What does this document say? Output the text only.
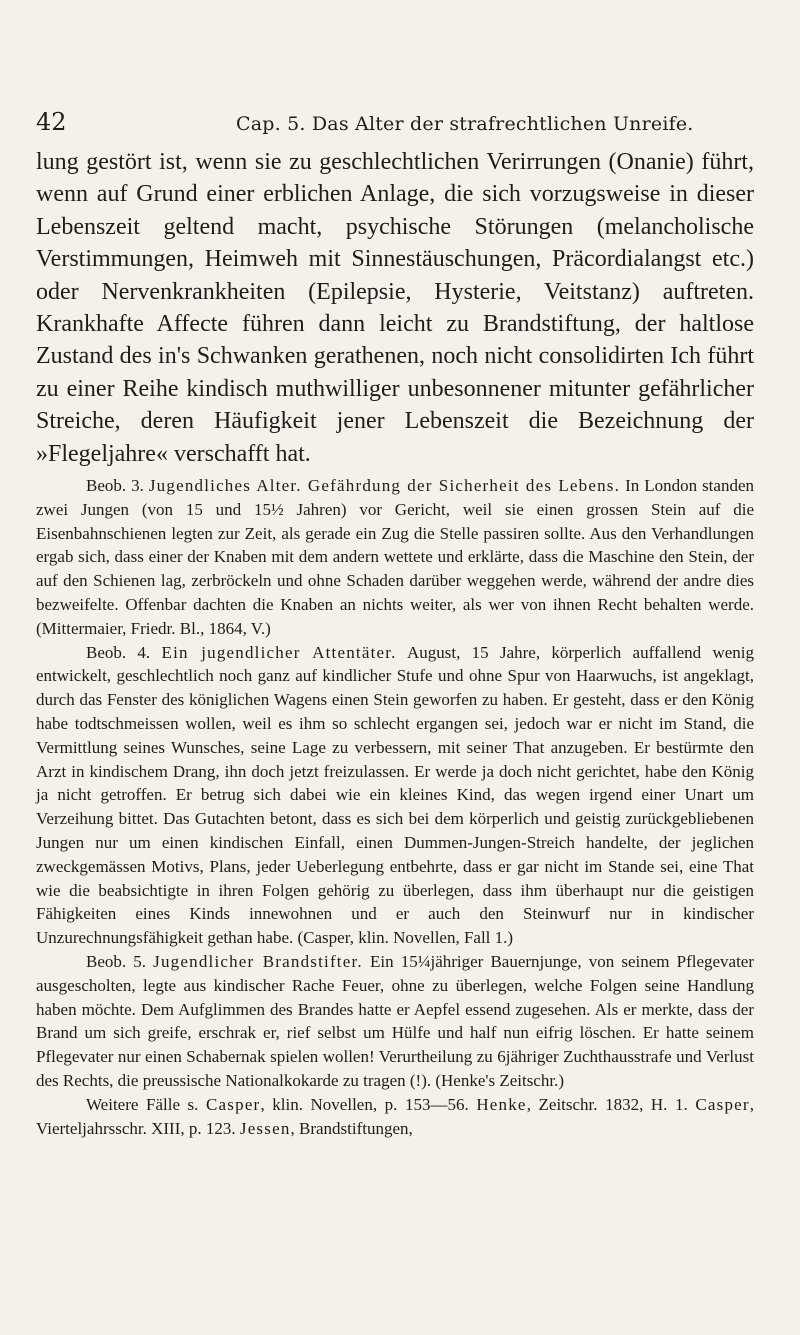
42	Cap. 5. Das Alter der strafrechtlichen Unreife.

lung gestört ist, wenn sie zu geschlechtlichen Verirrungen (Onanie) führt, wenn auf Grund einer erblichen Anlage, die sich vorzugsweise in dieser Lebenszeit geltend macht, psychische Störungen (melancholische Verstimmungen, Heimweh mit Sinnestäuschungen, Präcordialangst etc.) oder Nervenkrankheiten (Epilepsie, Hysterie, Veitstanz) auftreten. Krankhafte Affecte führen dann leicht zu Brandstiftung, der haltlose Zustand des in's Schwanken gerathenen, noch nicht consolidirten Ich führt zu einer Reihe kindisch muthwilliger unbesonnener mitunter gefährlicher Streiche, deren Häufigkeit jener Lebenszeit die Bezeichnung der »Flegeljahre« verschafft hat.

Beob. 3. Jugendliches Alter. Gefährdung der Sicherheit des Lebens. In London standen zwei Jungen (von 15 und 15½ Jahren) vor Gericht, weil sie einen grossen Stein auf die Eisenbahnschienen legten zur Zeit, als gerade ein Zug die Stelle passiren sollte. Aus den Verhandlungen ergab sich, dass einer der Knaben mit dem andern wettete und erklärte, dass die Maschine den Stein, der auf den Schienen lag, zerbröckeln und ohne Schaden darüber weggehen werde, während der andre dies bezweifelte. Offenbar dachten die Knaben an nichts weiter, als wer von ihnen Recht behalten werde. (Mittermaier, Friedr. Bl., 1864, V.)

Beob. 4. Ein jugendlicher Attentäter. August, 15 Jahre, körperlich auffallend wenig entwickelt, geschlechtlich noch ganz auf kindlicher Stufe und ohne Spur von Haarwuchs, ist angeklagt, durch das Fenster des königlichen Wagens einen Stein geworfen zu haben. Er gesteht, dass er den König habe todtschmeissen wollen, weil es ihm so schlecht ergangen sei, jedoch war er nicht im Stand, die Vermittlung seines Wunsches, seine Lage zu verbessern, mit seiner That anzugeben. Er bestürmte den Arzt in kindischem Drang, ihn doch jetzt freizulassen. Er werde ja doch nicht gerichtet, habe den König ja nicht getroffen. Er betrug sich dabei wie ein kleines Kind, das wegen irgend einer Unart um Verzeihung bittet. Das Gutachten betont, dass es sich bei dem körperlich und geistig zurückgebliebenen Jungen nur um einen kindischen Einfall, einen Dummen-Jungen-Streich handelte, der jeglichen zweckgemässen Motivs, Plans, jeder Ueberlegung entbehrte, dass er gar nicht im Stande sei, eine That wie die beabsichtigte in ihren Folgen gehörig zu überlegen, dass ihm überhaupt nur die geistigen Fähigkeiten eines Kinds innewohnen und er auch den Steinwurf nur in kindischer Unzurechnungsfähigkeit gethan habe. (Casper, klin. Novellen, Fall 1.)

Beob. 5. Jugendlicher Brandstifter. Ein 15¼jähriger Bauernjunge, von seinem Pflegevater ausgescholten, legte aus kindischer Rache Feuer, ohne zu überlegen, welche Folgen seine Handlung haben möchte. Dem Aufglimmen des Brandes hatte er Aepfel essend zugesehen. Als er merkte, dass der Brand um sich greife, erschrak er, rief selbst um Hülfe und half nun eifrig löschen. Er hatte seinem Pflegevater nur einen Schabernak spielen wollen! Verurtheilung zu 6jähriger Zuchthausstrafe und Verlust des Rechts, die preussische Nationalkokarde zu tragen (!). (Henke's Zeitschr.)

Weitere Fälle s. Casper, klin. Novellen, p. 153—56. Henke, Zeitschr. 1832, H. 1. Casper, Vierteljahrsschr. XIII, p. 123. Jessen, Brandstiftungen,
